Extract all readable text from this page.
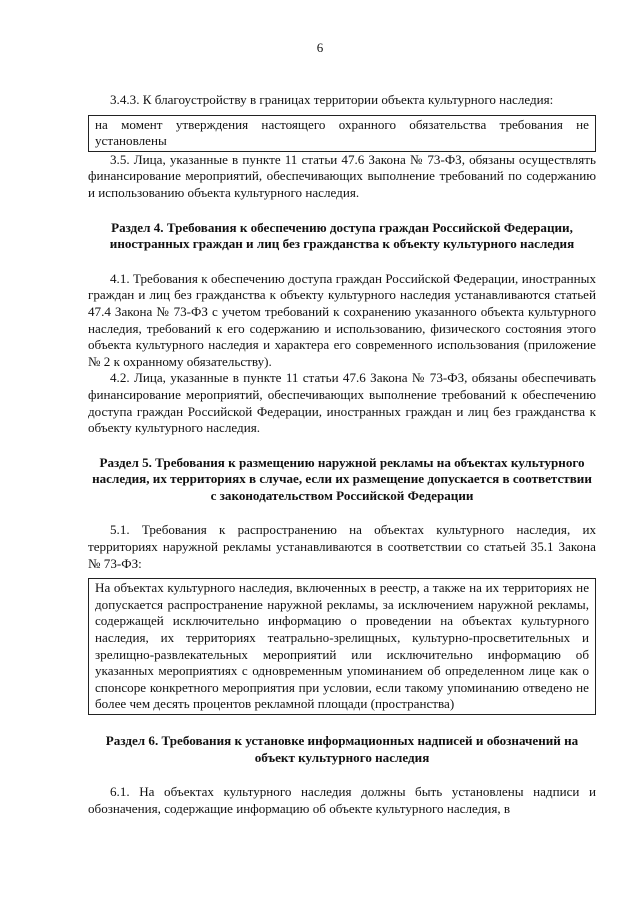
6

3.4.3. К благоустройству в границах территории объекта культурного наследия:

на момент утверждения настоящего охранного обязательства требования не установлены

3.5. Лица, указанные в пункте 11 статьи 47.6 Закона № 73-ФЗ, обязаны осуществлять финансирование мероприятий, обеспечивающих выполнение требований по содержанию и использованию объекта культурного наследия.

Раздел 4. Требования к обеспечению доступа граждан Российской Федерации, иностранных граждан и лиц без гражданства к объекту культурного наследия

4.1. Требования к обеспечению доступа граждан Российской Федерации, иностранных граждан и лиц без гражданства к объекту культурного наследия устанавливаются статьей 47.4 Закона № 73-ФЗ с учетом требований к сохранению указанного объекта культурного наследия, требований к его содержанию и использованию, физического состояния этого объекта культурного наследия и характера его современного использования (приложение № 2 к охранному обязательству).

4.2. Лица, указанные в пункте 11 статьи 47.6 Закона № 73-ФЗ, обязаны обеспечивать финансирование мероприятий, обеспечивающих выполнение требований к обеспечению доступа граждан Российской Федерации, иностранных граждан и лиц без гражданства к объекту культурного наследия.

Раздел 5. Требования к размещению наружной рекламы на объектах культурного наследия, их территориях в случае, если их размещение допускается в соответствии с законодательством Российской Федерации

5.1. Требования к распространению на объектах культурного наследия, их территориях наружной рекламы устанавливаются в соответствии со статьей 35.1 Закона № 73-ФЗ:

На объектах культурного наследия, включенных в реестр, а также на их территориях не допускается распространение наружной рекламы, за исключением наружной рекламы, содержащей исключительно информацию о проведении на объектах культурного наследия, их территориях театрально-зрелищных, культурно-просветительных и зрелищно-развлекательных мероприятий или исключительно информацию об указанных мероприятиях с одновременным упоминанием об определенном лице как о спонсоре конкретного мероприятия при условии, если такому упоминанию отведено не более чем десять процентов рекламной площади (пространства)

Раздел 6. Требования к установке информационных надписей и обозначений на объект культурного наследия

6.1. На объектах культурного наследия должны быть установлены надписи и обозначения, содержащие информацию об объекте культурного наследия, в
